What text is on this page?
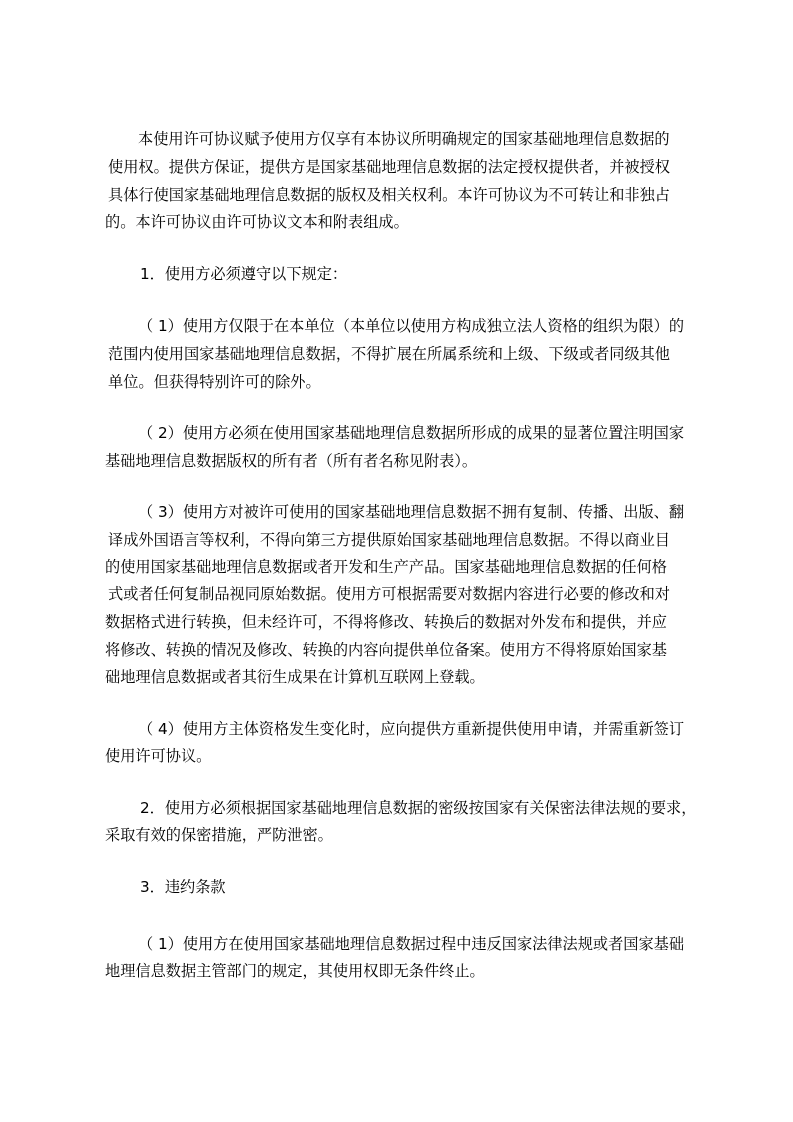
本使用许可协议赋予使用方仅享有本协议所明确规定的国家基础地理信息数据的
使用权。提供方保证，提供方是国家基础地理信息数据的法定授权提供者，并被授权
具体行使国家基础地理信息数据的版权及相关权利。本许可协议为不可转让和非独占
的。本许可协议由许可协议文本和附表组成。
1．使用方必须遵守以下规定：
（ 1）使用方仅限于在本单位（本单位以使用方构成独立法人资格的组织为限）的
范围内使用国家基础地理信息数据，不得扩展在所属系统和上级、下级或者同级其他
单位。但获得特别许可的除外。
（ 2）使用方必须在使用国家基础地理信息数据所形成的成果的显著位置注明国家
基础地理信息数据版权的所有者（所有者名称见附表）。
（ 3）使用方对被许可使用的国家基础地理信息数据不拥有复制、传播、出版、翻
译成外国语言等权利，不得向第三方提供原始国家基础地理信息数据。不得以商业目
的使用国家基础地理信息数据或者开发和生产产品。国家基础地理信息数据的任何格
式或者任何复制品视同原始数据。使用方可根据需要对数据内容进行必要的修改和对
数据格式进行转换，但未经许可，不得将修改、转换后的数据对外发布和提供，并应
将修改、转换的情况及修改、转换的内容向提供单位备案。使用方不得将原始国家基
础地理信息数据或者其衍生成果在计算机互联网上登载。
（ 4）使用方主体资格发生变化时，应向提供方重新提供使用申请，并需重新签订
使用许可协议。
2．使用方必须根据国家基础地理信息数据的密级按国家有关保密法律法规的要求，
采取有效的保密措施，严防泄密。
3．违约条款
（ 1）使用方在使用国家基础地理信息数据过程中违反国家法律法规或者国家基础
地理信息数据主管部门的规定，其使用权即无条件终止。
